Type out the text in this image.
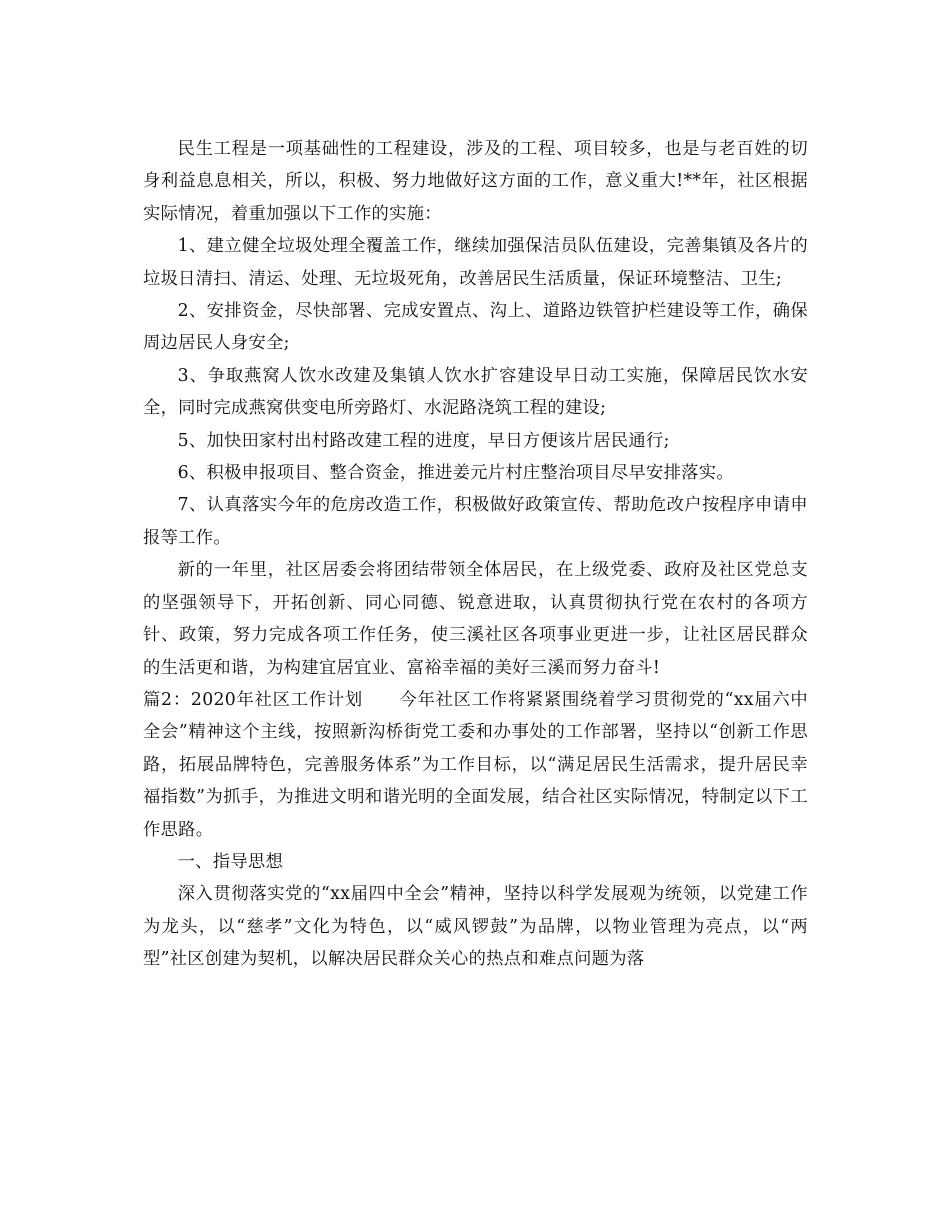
民生工程是一项基础性的工程建设，涉及的工程、项目较多，也是与老百姓的切身利益息息相关，所以，积极、努力地做好这方面的工作，意义重大!**年，社区根据实际情况，着重加强以下工作的实施：

1、建立健全垃圾处理全覆盖工作，继续加强保洁员队伍建设，完善集镇及各片的垃圾日清扫、清运、处理、无垃圾死角，改善居民生活质量，保证环境整洁、卫生;

2、安排资金，尽快部署、完成安置点、沟上、道路边铁管护栏建设等工作，确保周边居民人身安全;

3、争取燕窝人饮水改建及集镇人饮水扩容建设早日动工实施，保障居民饮水安全，同时完成燕窝供变电所旁路灯、水泥路浇筑工程的建设;

5、加快田家村出村路改建工程的进度，早日方便该片居民通行;

6、积极申报项目、整合资金，推进姜元片村庄整治项目尽早安排落实。

7、认真落实今年的危房改造工作，积极做好政策宣传、帮助危改户按程序申请申报等工作。

新的一年里，社区居委会将团结带领全体居民，在上级党委、政府及社区党总支的坚强领导下，开拓创新、同心同德、锐意进取，认真贯彻执行党在农村的各项方针、政策，努力完成各项工作任务，使三溪社区各项事业更进一步，让社区居民群众的生活更和谐，为构建宜居宜业、富裕幸福的美好三溪而努力奋斗!

篇2：2020年社区工作计划 今年社区工作将紧紧围绕着学习贯彻党的“xx届六中全会”精神这个主线，按照新沟桥街党工委和办事处的工作部署，坚持以“创新工作思路，拓展品牌特色，完善服务体系”为工作目标，以“满足居民生活需求，提升居民幸福指数”为抓手，为推进文明和谐光明的全面发展，结合社区实际情况，特制定以下工作思路。

一、指导思想

深入贯彻落实党的“xx届四中全会”精神，坚持以科学发展观为统领，以党建工作为龙头，以“慈孝”文化为特色，以“威风锣鼓”为品牌，以物业管理为亮点，以“两型”社区创建为契机，以解决居民群众关心的热点和难点问题为落
